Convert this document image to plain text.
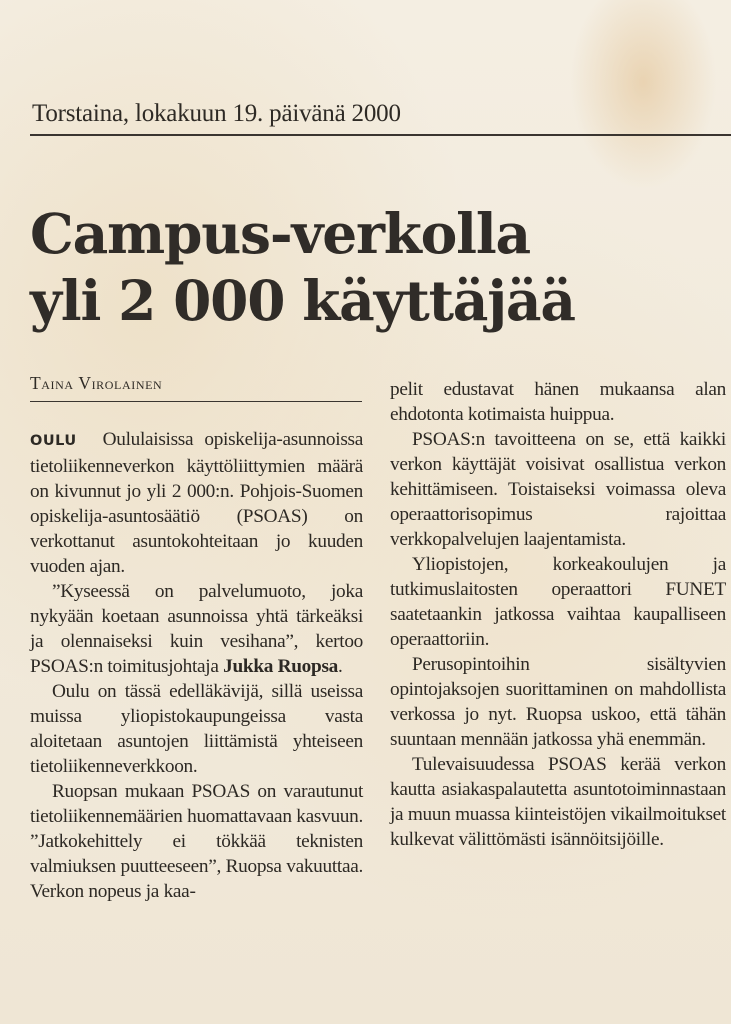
Torstaina, lokakuun 19. päivänä 2000
Campus-verkolla
yli 2 000 käyttäjää
Taina Virolainen

OULU Oululaisissa opiskelija-asunnoissa tietoliikenneverkon käyttöliittymien määrä on kivunnut jo yli 2 000:n. Pohjois-Suomen opiskelija-asuntosäätiö (PSOAS) on verkottanut asuntokohteitaan jo kuuden vuoden ajan.

”Kyseessä on palvelumuoto, joka nykyään koetaan asunnoissa yhtä tärkeäksi ja olennaiseksi kuin vesihana”, kertoo PSOAS:n toimitusjohtaja Jukka Ruopsa.

Oulu on tässä edelläkävijä, sillä useissa muissa yliopistokaupungeissa vasta aloitetaan asuntojen liittämistä yhteiseen tietoliikenneverkkoon.

Ruopsan mukaan PSOAS on varautunut tietoliikennemäärien huomattavaan kasvuun. ”Jatkokehittely ei tökkää teknisten valmiuksen puutteeseen”, Ruopsa vakuuttaa. Verkon nopeus ja kaa-

pelit edustavat hänen mukaansa alan ehdotonta kotimaista huippua.

PSOAS:n tavoitteena on se, että kaikki verkon käyttäjät voisivat osallistua verkon kehittämiseen. Toistaiseksi voimassa oleva operaattorisopimus rajoittaa verkkopalvelujen laajentamista.

Yliopistojen, korkeakoulujen ja tutkimuslaitosten operaattori FUNET saatetaankin jatkossa vaihtaa kaupalliseen operaattoriin.

Perusopintoihin sisältyvien opintojaksojen suorittaminen on mahdollista verkossa jo nyt. Ruopsa uskoo, että tähän suuntaan mennään jatkossa yhä enemmän.

Tulevaisuudessa PSOAS kerää verkon kautta asiakaspalautetta asuntotoiminnastaan ja muun muassa kiinteistöjen vikailmoitukset kulkevat välittömästi isännöitsijöille.
